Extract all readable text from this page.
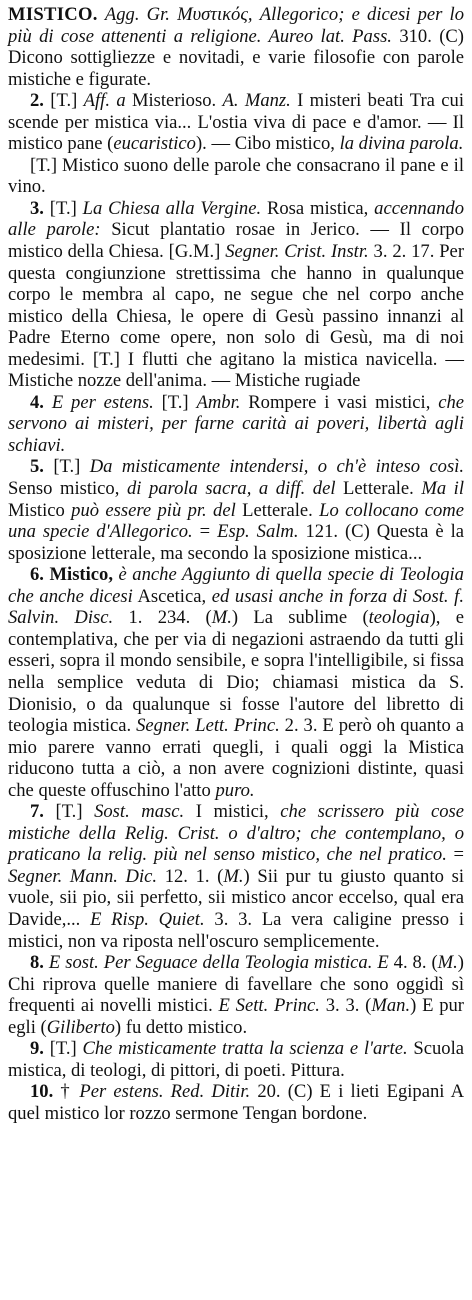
MISTICO. Agg. Gr. Μυστικός, Allegorico; e dicesi per lo più di cose attenenti a religione. Aureo lat. Pass. 310. (C) Dicono sottigliezze e novitadi, e varie filosofie con parole mistiche e figurate.

2. [T.] Aff. a Misterioso. A. Manz. I misteri beati Tra cui scende per mistica via... L'ostia viva di pace e d'amor. — Il mistico pane (eucaristico). — Cibo mistico, la divina parola.

[T.] Mistico suono delle parole che consacrano il pane e il vino.

3. [T.] La Chiesa alla Vergine. Rosa mistica, accennando alle parole: Sicut plantatio rosae in Jerico. — Il corpo mistico della Chiesa. [G.M.] Segner. Crist. Instr. 3. 2. 17. Per questa congiunzione strettissima che hanno in qualunque corpo le membra al capo, ne segue che nel corpo anche mistico della Chiesa, le opere di Gesù passino innanzi al Padre Eterno come opere, non solo di Gesù, ma di noi medesimi. [T.] I flutti che agitano la mistica navicella. — Mistiche nozze dell'anima. — Mistiche rugiade

4. E per estens. [T.] Ambr. Rompere i vasi mistici, che servono ai misteri, per farne carità ai poveri, libertà agli schiavi.

5. [T.] Da misticamente intendersi, o ch'è inteso così. Senso mistico, di parola sacra, a diff. del Letterale. Ma il Mistico può essere più pr. del Letterale. Lo collocano come una specie d'Allegorico. = Esp. Salm. 121. (C) Questa è la sposizione letterale, ma secondo la sposizione mistica...

6. Mistico, è anche Aggiunto di quella specie di Teologia che anche dicesi Ascetica, ed usasi anche in forza di Sost. f. Salvin. Disc. 1. 234. (M.) La sublime (teologia), e contemplativa, che per via di negazioni astraendo da tutti gli esseri, sopra il mondo sensibile, e sopra l'intelligibile, si fissa nella semplice veduta di Dio; chiamasi mistica da S. Dionisio, o da qualunque si fosse l'autore del libretto di teologia mistica. Segner. Lett. Princ. 2. 3. E però oh quanto a mio parere vanno errati quegli, i quali oggi la Mistica riducono tutta a ciò, a non avere cognizioni distinte, quasi che queste offuschino l'atto puro.

7. [T.] Sost. masc. I mistici, che scrissero più cose mistiche della Relig. Crist. o d'altro; che contemplano, o praticano la relig. più nel senso mistico, che nel pratico. = Segner. Mann. Dic. 12. 1. (M.) Sii pur tu giusto quanto si vuole, sii pio, sii perfetto, sii mistico ancor eccelso, qual era Davide,... E Risp. Quiet. 3. 3. La vera caligine presso i mistici, non va riposta nell'oscuro semplicemente.

8. E sost. Per Seguace della Teologia mistica. E 4. 8. (M.) Chi riprova quelle maniere di favellare che sono oggidì sì frequenti ai novelli mistici. E Sett. Princ. 3. 3. (Man.) E pur egli (Giliberto) fu detto mistico.

9. [T.] Che misticamente tratta la scienza e l'arte. Scuola mistica, di teologi, di pittori, di poeti. Pittura.

10. † Per estens. Red. Ditir. 20. (C) E i lieti Egipani A quel mistico lor rozzo sermone Tengan bordone.
